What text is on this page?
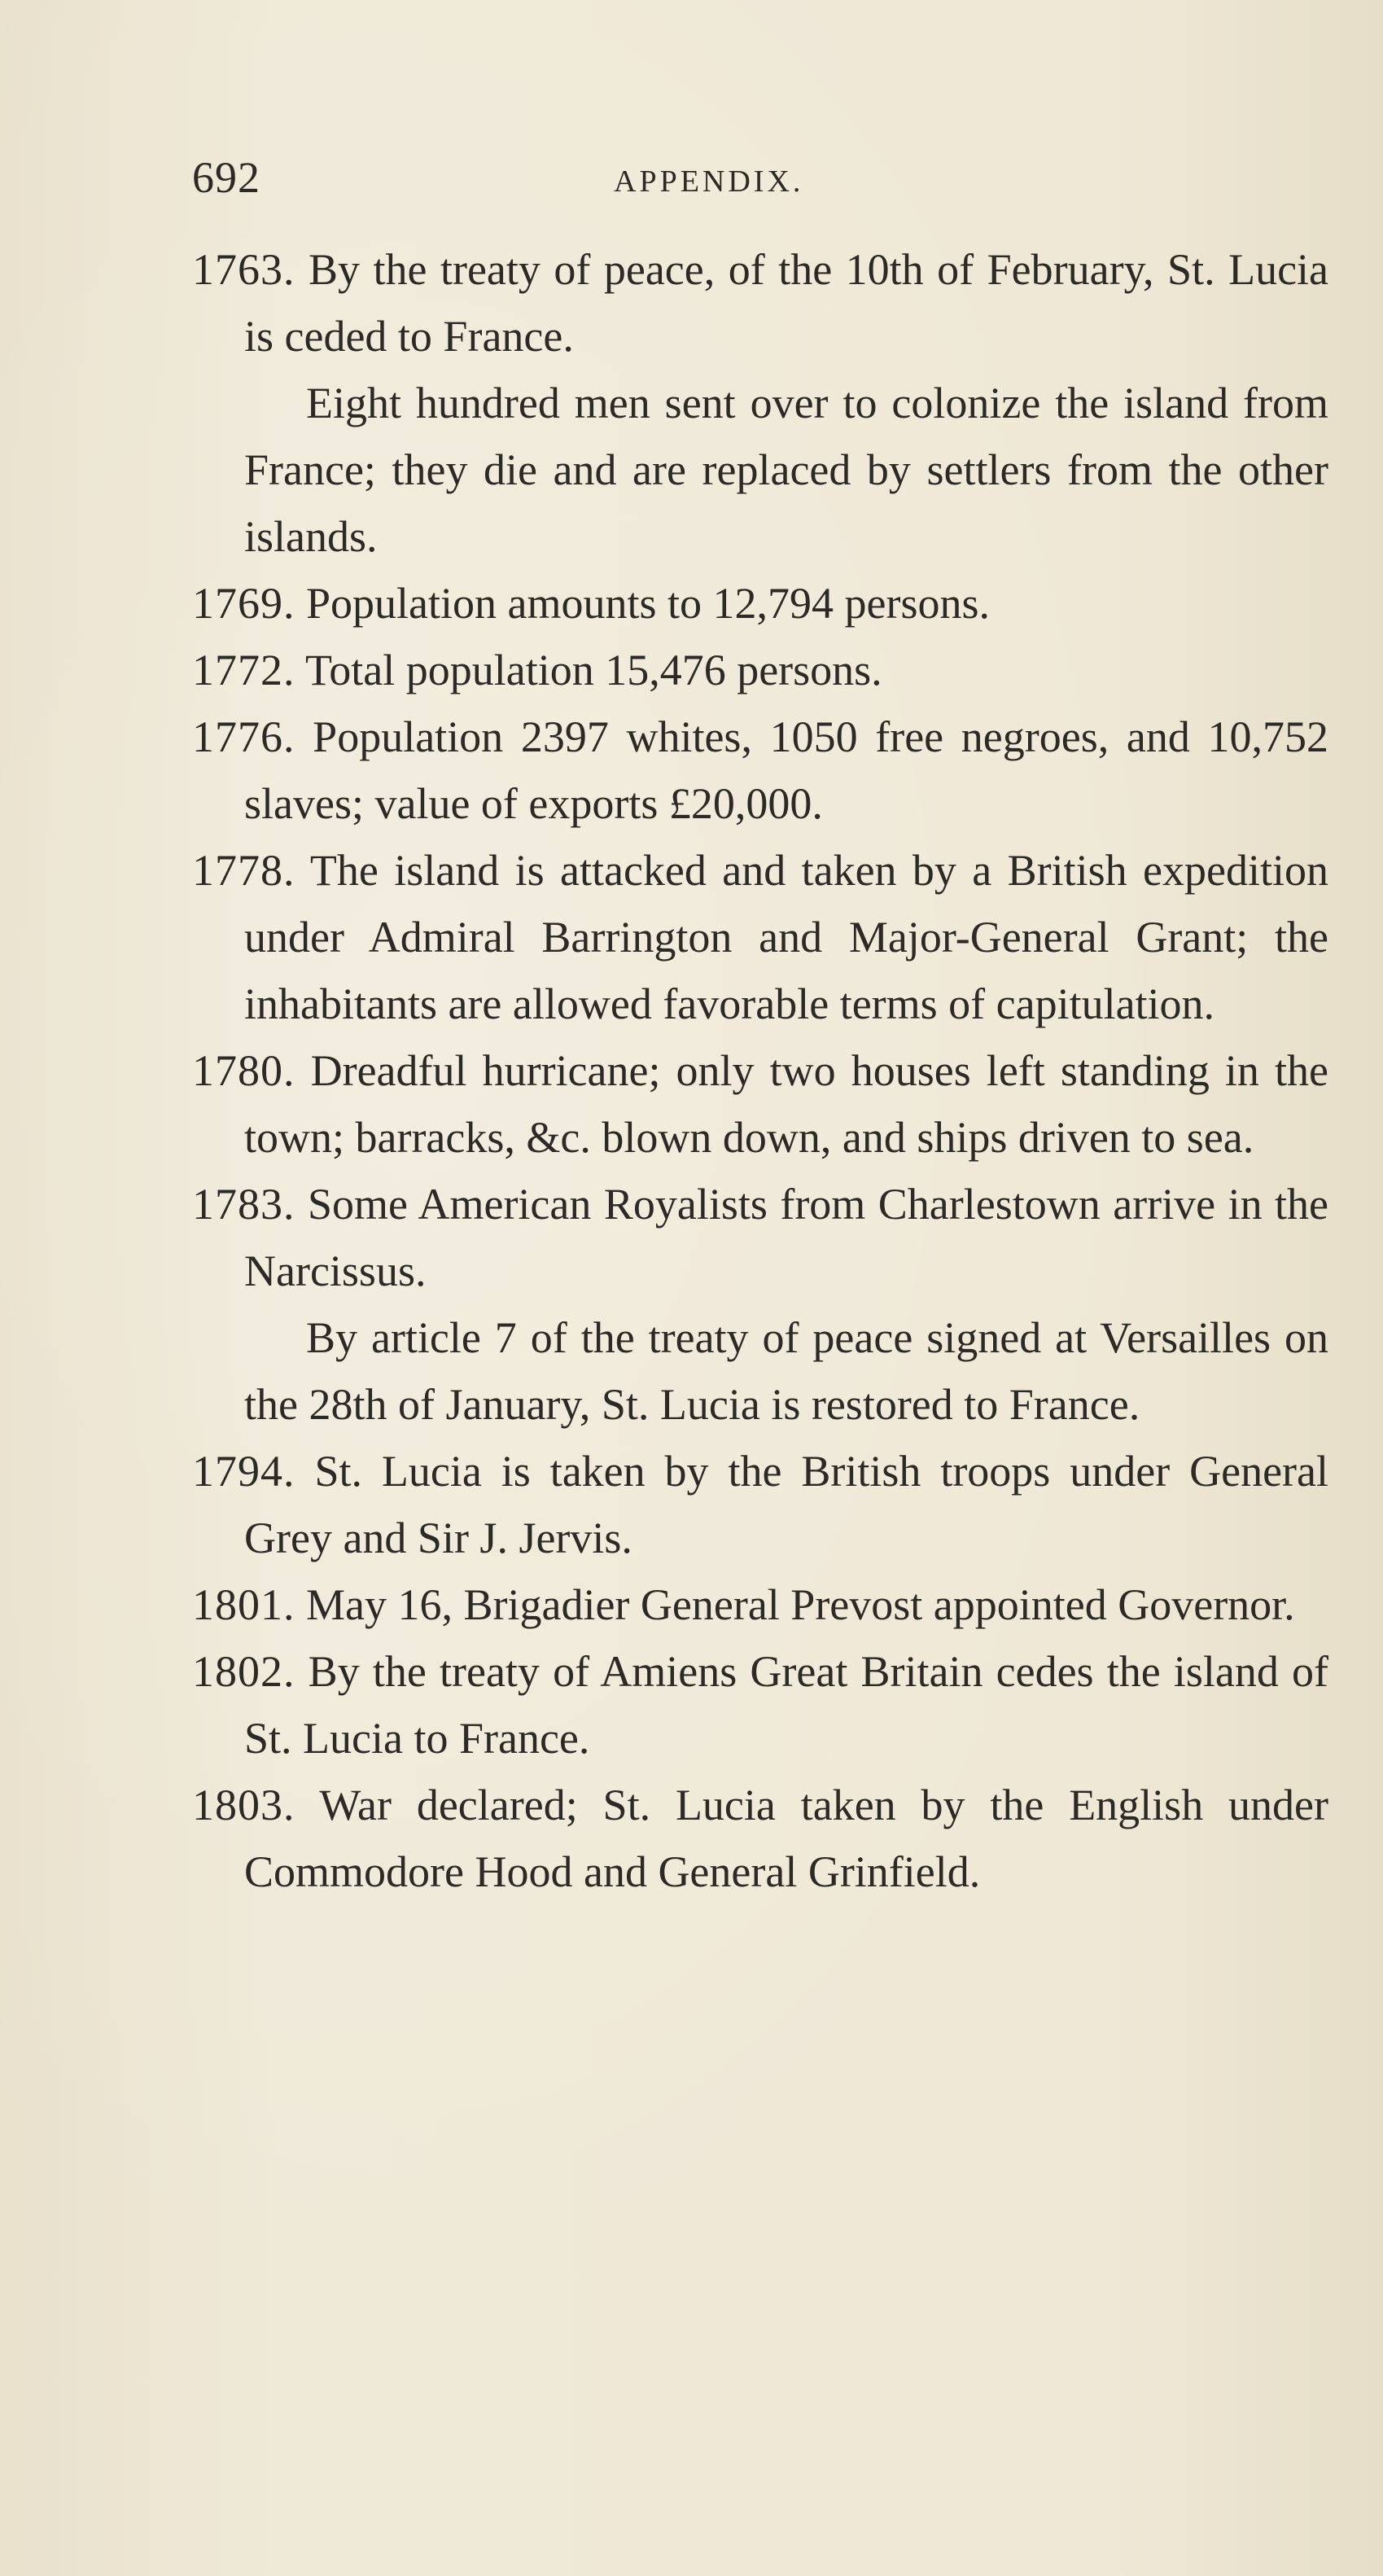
692	APPENDIX.

1763. By the treaty of peace, of the 10th of February, St. Lucia is ceded to France.

Eight hundred men sent over to colonize the island from France; they die and are replaced by settlers from the other islands.

1769. Population amounts to 12,794 persons.

1772. Total population 15,476 persons.

1776. Population 2397 whites, 1050 free negroes, and 10,752 slaves; value of exports £20,000.

1778. The island is attacked and taken by a British expedition under Admiral Barrington and Major-General Grant; the inhabitants are allowed favorable terms of capitulation.

1780. Dreadful hurricane; only two houses left standing in the town; barracks, &c. blown down, and ships driven to sea.

1783. Some American Royalists from Charlestown arrive in the Narcissus.

By article 7 of the treaty of peace signed at Versailles on the 28th of January, St. Lucia is restored to France.

1794. St. Lucia is taken by the British troops under General Grey and Sir J. Jervis.

1801. May 16, Brigadier General Prevost appointed Governor.

1802. By the treaty of Amiens Great Britain cedes the island of St. Lucia to France.

1803. War declared; St. Lucia taken by the English under Commodore Hood and General Grinfield.
